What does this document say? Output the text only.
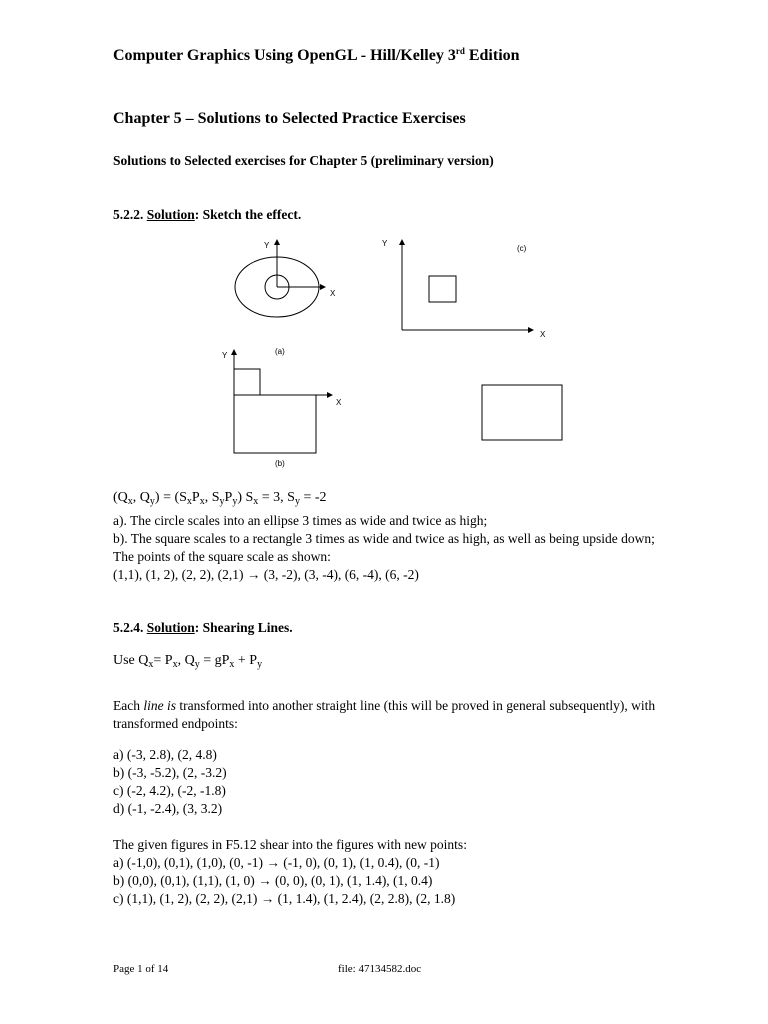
Computer Graphics Using OpenGL - Hill/Kelley 3rd Edition
Chapter 5 – Solutions to Selected Practice Exercises
Solutions to Selected exercises for Chapter 5 (preliminary version)
5.2.2. Solution: Sketch the effect.
Y
X
Y
(c)
X
Y	(a)
X
(b)
($Q_x$, $Q_y) = (S_xP_x$, $S_yP_y$) $S_x = 3$, $S_y = -2$
a). The circle scales into an ellipse 3 times as wide and twice as high;
b). The square scales to a rectangle 3 times as wide and twice as high, as well as being upside down; The points of the square scale as shown:
(1,1), (1, 2), (2, 2), (2,1) → (3, -2), (3, -4), (6, -4), (6, -2)
5.2.4. Solution: Shearing Lines.
Use $Q_x= P_x$, $Q_y = gP_x + P_y$
Each line is transformed into another straight line (this will be proved in general subsequently), with transformed endpoints:
a) (-3, 2.8), (2, 4.8)
b) (-3, -5.2), (2, -3.2)
c) (-2, 4.2), (-2, -1.8)
d) (-1, -2.4), (3, 3.2)
The given figures in F5.12 shear into the figures with new points:
a) (-1,0), (0,1), (1,0), (0, -1) → (-1, 0), (0, 1), (1, 0.4), (0, -1)
b) (0,0), (0,1), (1,1), (1, 0) → (0, 0), (0, 1), (1, 1.4), (1, 0.4)
c) (1,1), (1, 2), (2, 2), (2,1) → (1, 1.4), (1, 2.4), (2, 2.8), (2, 1.8)
Page 1 of 14	file: 47134582.doc
